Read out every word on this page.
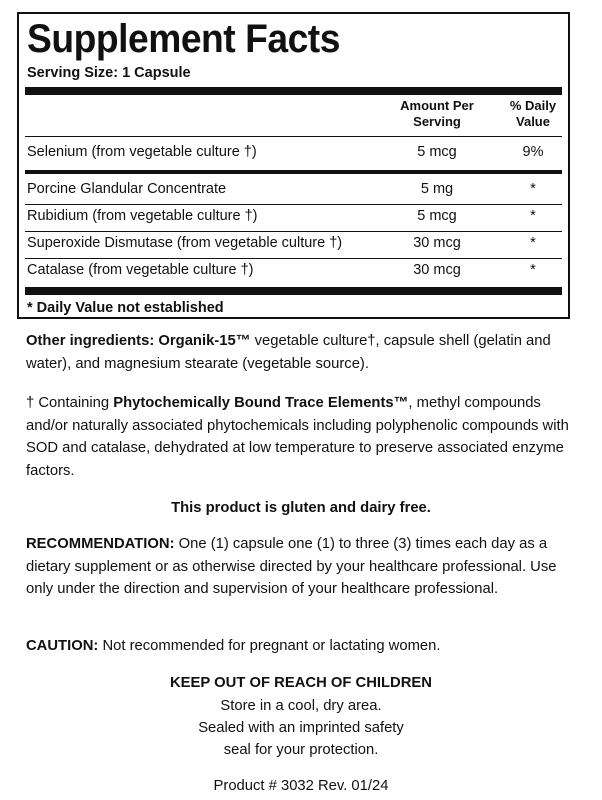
Supplement Facts
Serving Size: 1 Capsule
Amount Per Serving
% Daily Value
Selenium (from vegetable culture †)	5 mcg	9%
Porcine Glandular Concentrate	5 mg	*
Rubidium (from vegetable culture †)	5 mcg	*
Superoxide Dismutase (from vegetable culture †)	30 mcg	*
Catalase (from vegetable culture †)	30 mcg	*
* Daily Value not established
Other ingredients: Organik-15™ vegetable culture†, capsule shell (gelatin and water), and magnesium stearate (vegetable source).
† Containing Phytochemically Bound Trace Elements™, methyl compounds and/or naturally associated phytochemicals including polyphenolic compounds with SOD and catalase, dehydrated at low temperature to preserve associated enzyme factors.
This product is gluten and dairy free.
RECOMMENDATION: One (1) capsule one (1) to three (3) times each day as a dietary supplement or as otherwise directed by your healthcare professional. Use only under the direction and supervision of your healthcare professional.
CAUTION: Not recommended for pregnant or lactating women.
KEEP OUT OF REACH OF CHILDREN
Store in a cool, dry area.
Sealed with an imprinted safety
seal for your protection.
Product # 3032 Rev. 01/24
